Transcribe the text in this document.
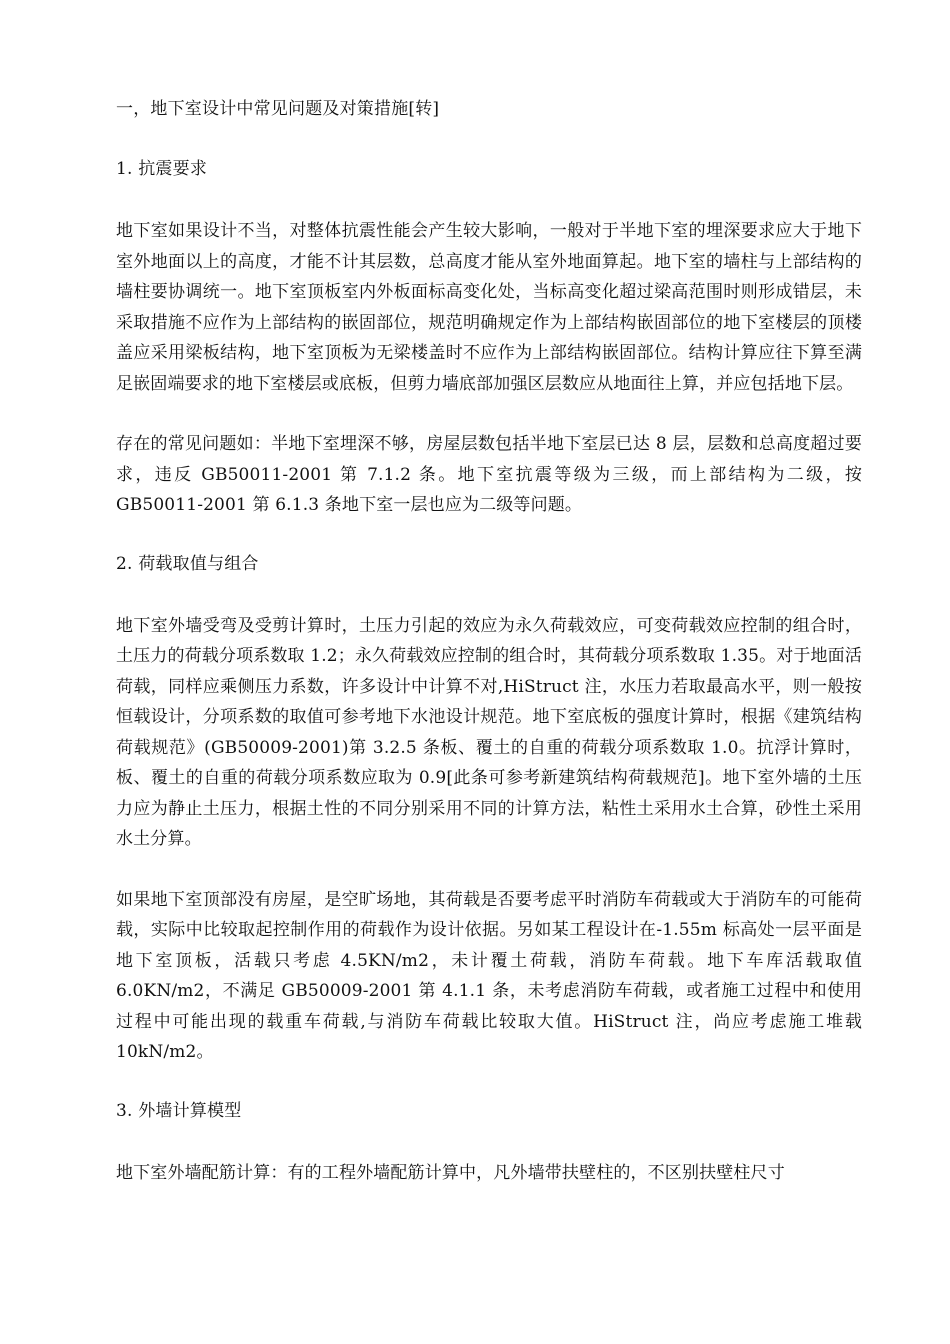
一，地下室设计中常见问题及对策措施[转]

1. 抗震要求

地下室如果设计不当，对整体抗震性能会产生较大影响，一般对于半地下室的埋深要求应大于地下室外地面以上的高度，才能不计其层数，总高度才能从室外地面算起。地下室的墙柱与上部结构的墙柱要协调统一。地下室顶板室内外板面标高变化处，当标高变化超过梁高范围时则形成错层，未采取措施不应作为上部结构的嵌固部位，规范明确规定作为上部结构嵌固部位的地下室楼层的顶楼盖应采用梁板结构，地下室顶板为无梁楼盖时不应作为上部结构嵌固部位。结构计算应往下算至满足嵌固端要求的地下室楼层或底板，但剪力墙底部加强区层数应从地面往上算，并应包括地下层。

存在的常见问题如：半地下室埋深不够，房屋层数包括半地下室层已达 8 层，层数和总高度超过要求，违反 GB50011-2001 第 7.1.2 条。地下室抗震等级为三级，而上部结构为二级，按 GB50011-2001 第 6.1.3 条地下室一层也应为二级等问题。

2. 荷载取值与组合

地下室外墙受弯及受剪计算时，土压力引起的效应为永久荷载效应，可变荷载效应控制的组合时，土压力的荷载分项系数取 1.2；永久荷载效应控制的组合时，其荷载分项系数取 1.35。对于地面活荷载，同样应乘侧压力系数，许多设计中计算不对,HiStruct 注，水压力若取最高水平，则一般按恒载设计，分项系数的取值可参考地下水池设计规范。地下室底板的强度计算时，根据《建筑结构荷载规范》(GB50009-2001)第 3.2.5 条板、覆土的自重的荷载分项系数取 1.0。抗浮计算时，板、覆土的自重的荷载分项系数应取为 0.9[此条可参考新建筑结构荷载规范]。地下室外墙的土压力应为静止土压力，根据土性的不同分别采用不同的计算方法，粘性土采用水土合算，砂性土采用水土分算。

如果地下室顶部没有房屋，是空旷场地，其荷载是否要考虑平时消防车荷载或大于消防车的可能荷载，实际中比较取起控制作用的荷载作为设计依据。另如某工程设计在-1.55m 标高处一层平面是地下室顶板，活载只考虑 4.5KN/m2，未计覆土荷载，消防车荷载。地下车库活载取值 6.0KN/m2，不满足 GB50009-2001 第 4.1.1 条，未考虑消防车荷载，或者施工过程中和使用过程中可能出现的载重车荷载,与消防车荷载比较取大值。HiStruct 注，尚应考虑施工堆载 10kN/m2。

3. 外墙计算模型

地下室外墙配筋计算：有的工程外墙配筋计算中，凡外墙带扶壁柱的，不区别扶壁柱尺寸
